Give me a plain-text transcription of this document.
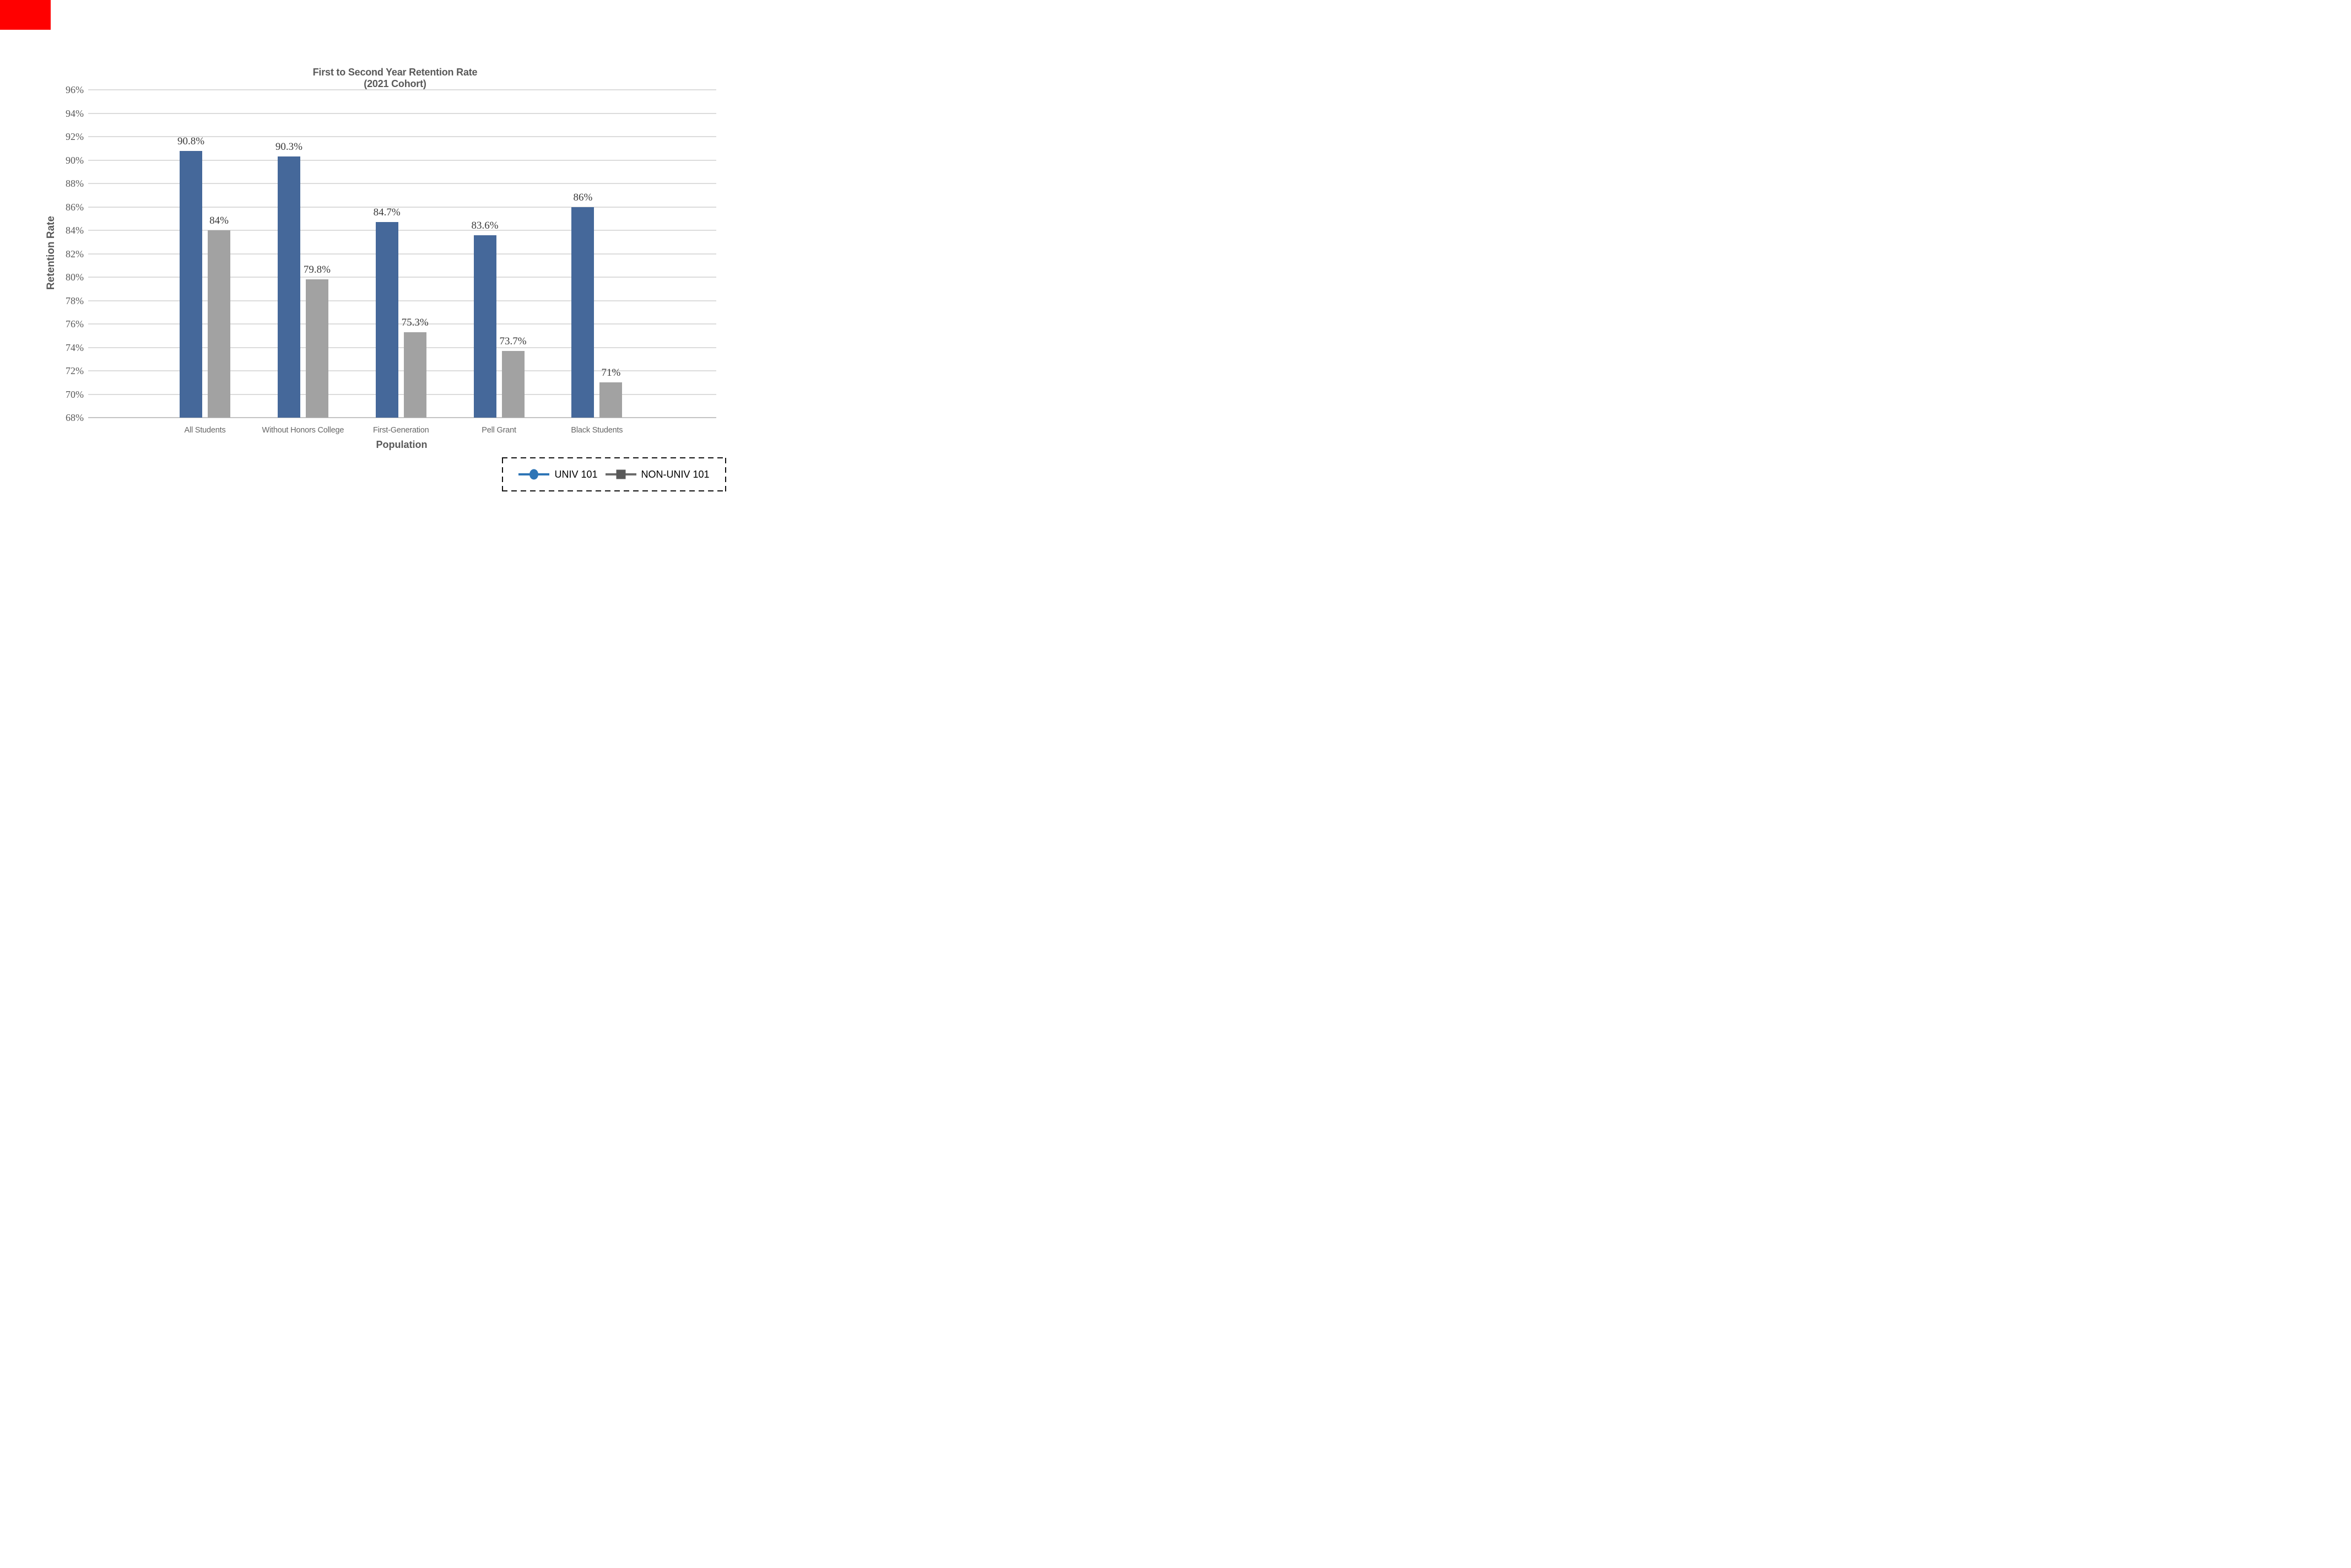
First to Second Year Retention Rate
(2021 Cohort)
Retention Rate
68%
70%
72%
74%
76%
78%
80%
82%
84%
86%
88%
90%
92%
94%
96%
90.8%
84%
All Students
90.3%
79.8%
Without Honors College
84.7%
75.3%
First-Generation
83.6%
73.7%
Pell Grant
86%
71%
Black Students
Population
UNIV 101	NON-UNIV 101
